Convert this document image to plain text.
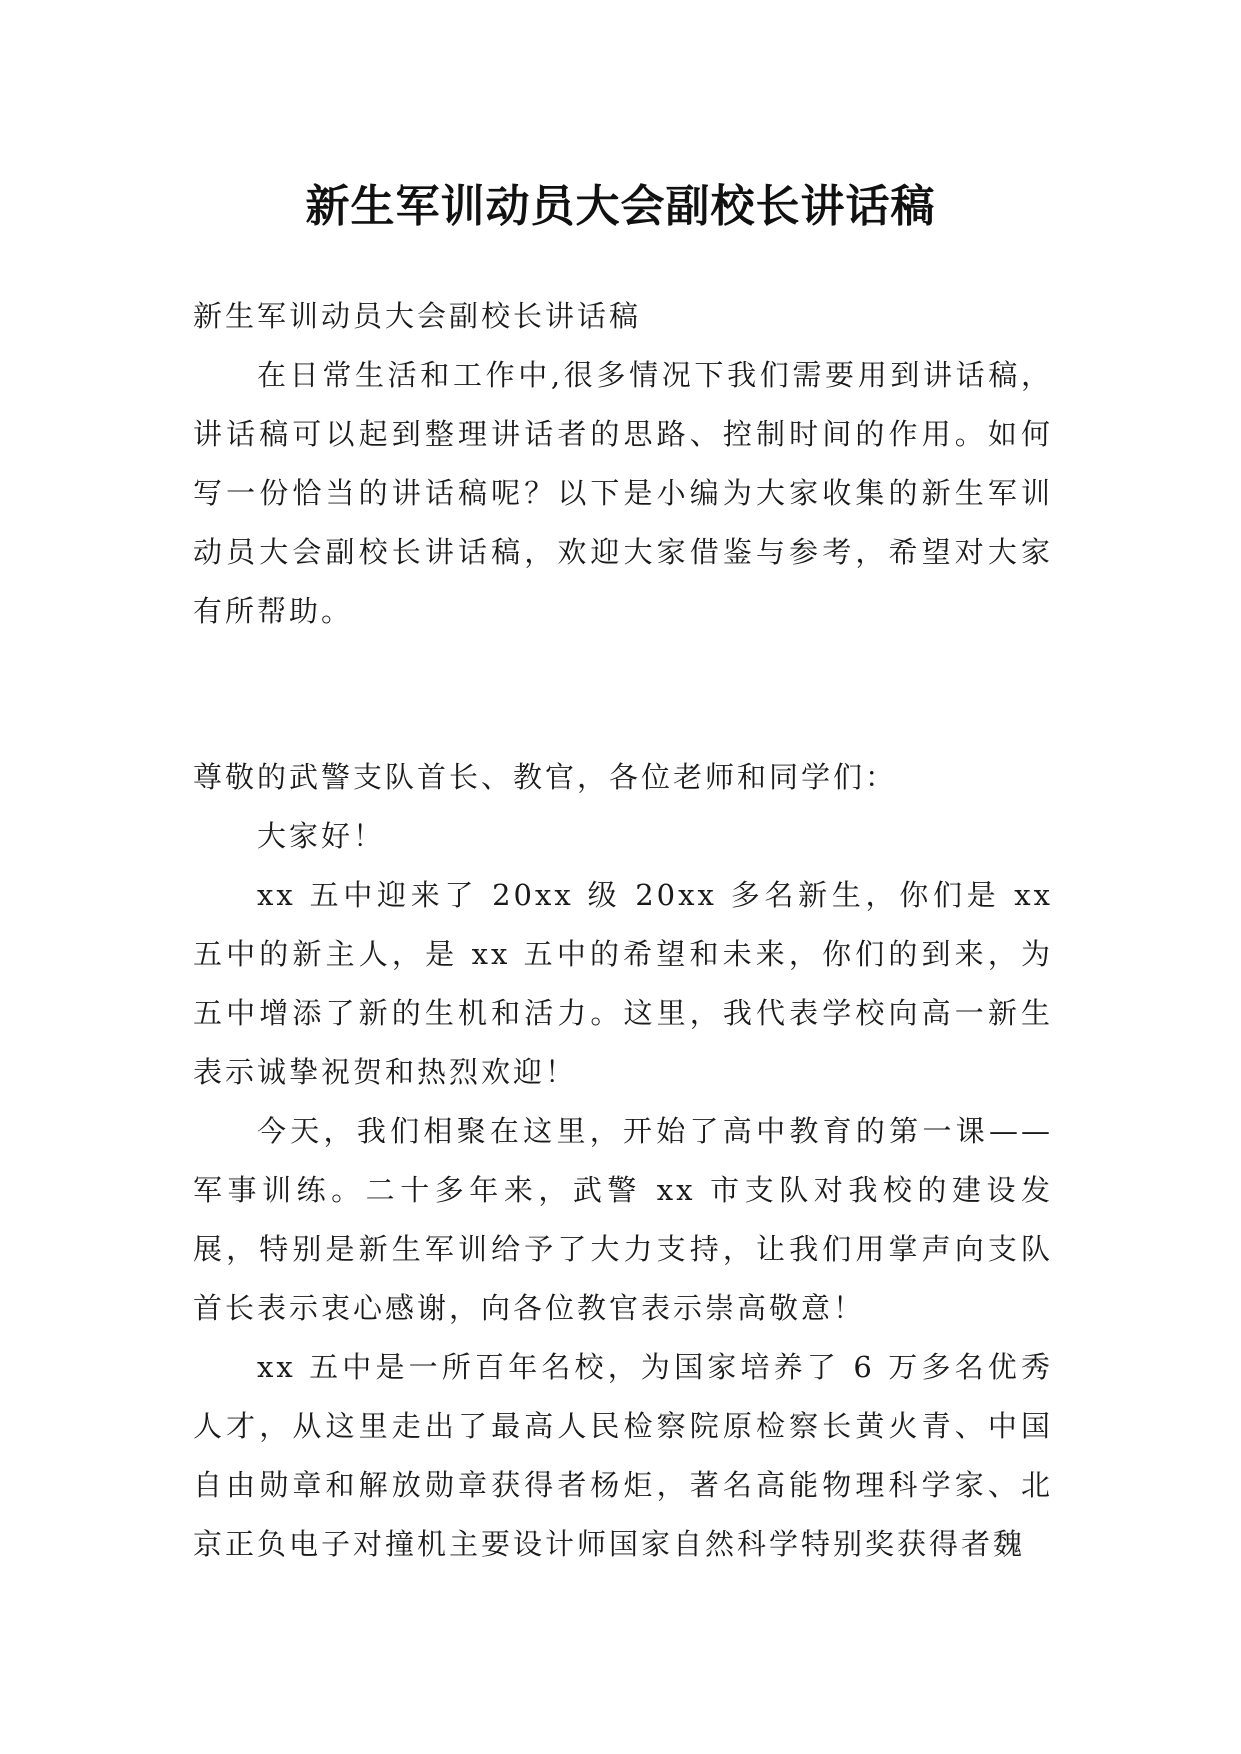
新生军训动员大会副校长讲话稿

新生军训动员大会副校长讲话稿

在日常生活和工作中,很多情况下我们需要用到讲话稿，讲话稿可以起到整理讲话者的思路、控制时间的作用。如何写一份恰当的讲话稿呢？以下是小编为大家收集的新生军训动员大会副校长讲话稿，欢迎大家借鉴与参考，希望对大家有所帮助。

尊敬的武警支队首长、教官，各位老师和同学们：

大家好！

xx 五中迎来了 20xx 级 20xx 多名新生，你们是 xx 五中的新主人，是 xx 五中的希望和未来，你们的到来，为五中增添了新的生机和活力。这里，我代表学校向高一新生表示诚挚祝贺和热烈欢迎！

今天，我们相聚在这里，开始了高中教育的第一课——军事训练。二十多年来，武警 xx 市支队对我校的建设发展，特别是新生军训给予了大力支持，让我们用掌声向支队首长表示衷心感谢，向各位教官表示崇高敬意！

xx 五中是一所百年名校，为国家培养了 6 万多名优秀人才，从这里走出了最高人民检察院原检察长黄火青、中国自由勋章和解放勋章获得者杨炬，著名高能物理科学家、北京正负电子对撞机主要设计师国家自然科学特别奖获得者魏
